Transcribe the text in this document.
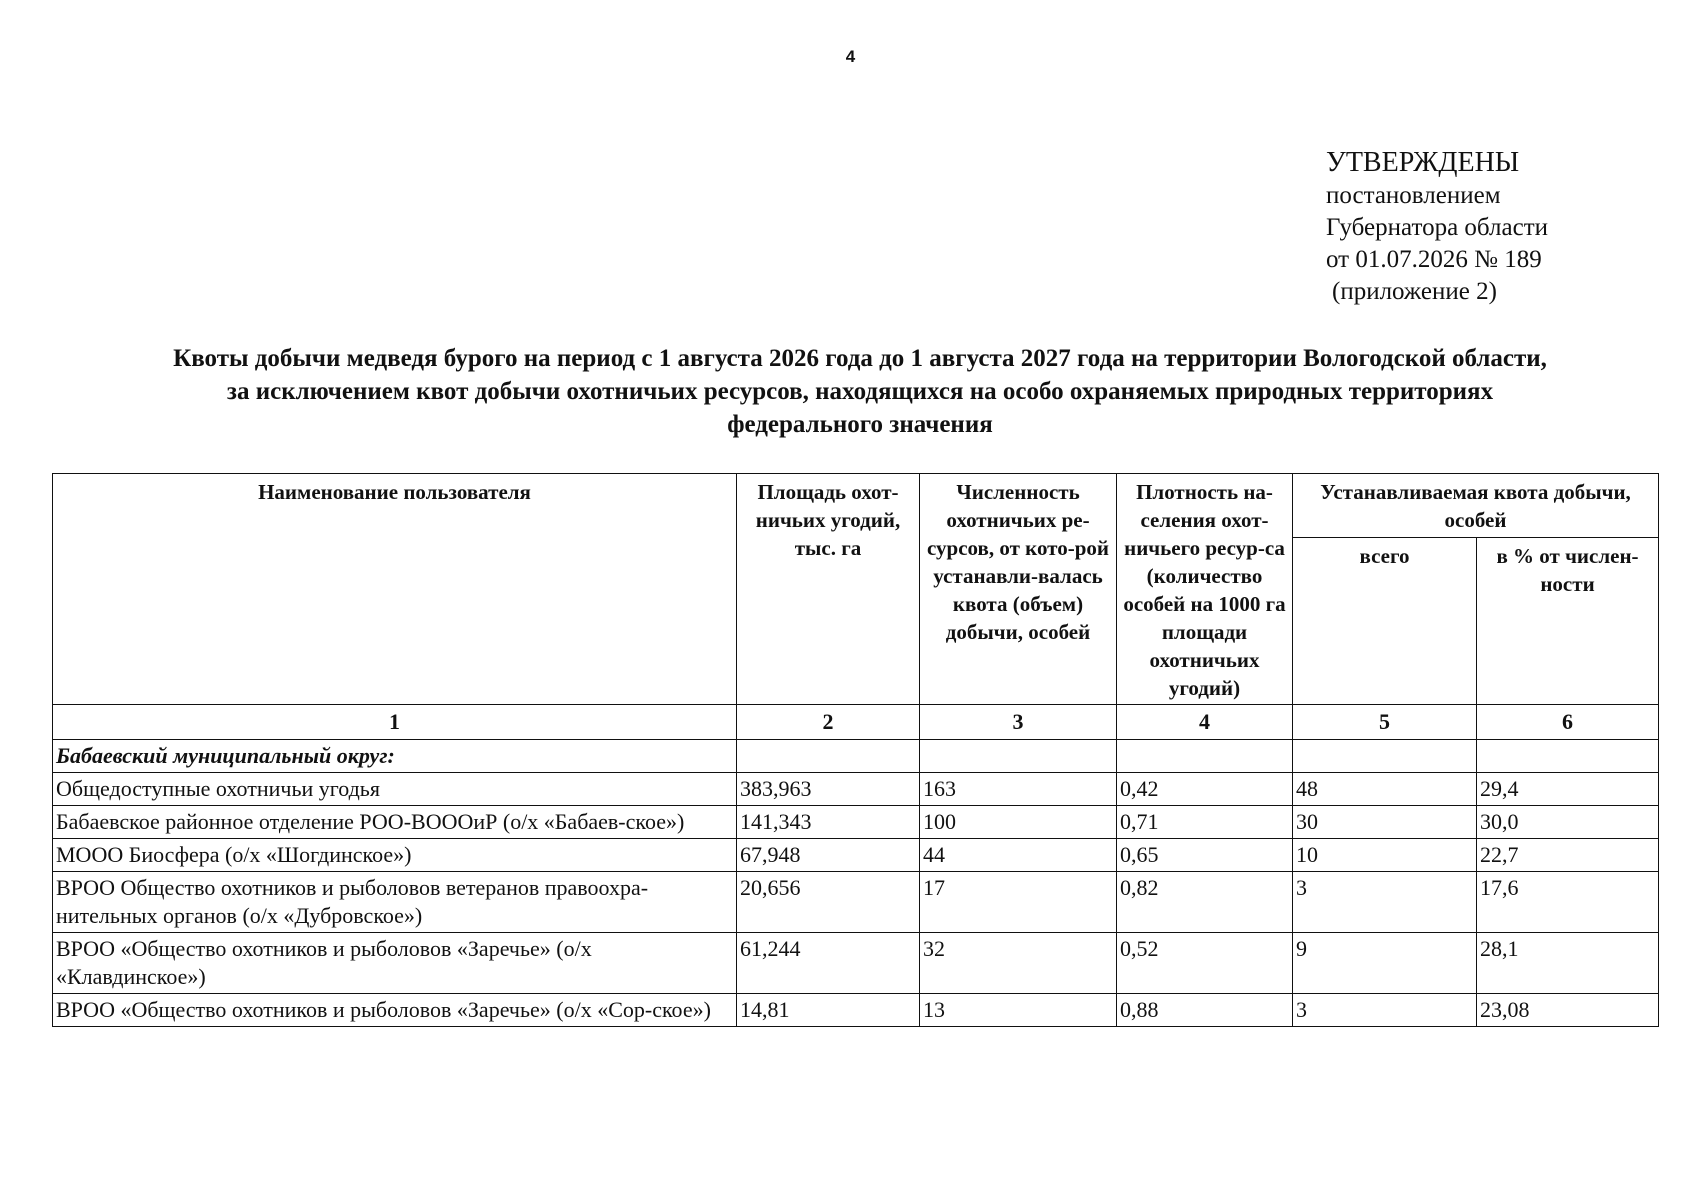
4
УТВЕРЖДЕНЫ
постановлением
Губернатора области
от 01.07.2026 № 189
(приложение 2)
Квоты добычи медведя бурого на период с 1 августа 2026 года до 1 августа 2027 года на территории Вологодской области,
за исключением квот добычи охотничьих ресурсов, находящихся на особо охраняемых природных территориях
федерального значения
Наименование пользователя	Площадь охот-ничьих угодий, тыс. га	Численность охотничьих ре-сурсов, от кото-рой устанавли-валась квота (объем) добычи, особей	Плотность на-селения охот-ничьего ресур-са (количество особей на 1000 га площади охотничьих угодий)	Устанавливаемая квота добычи, особей	
				всего	в % от числен-ности
1	2	3	4	5	6
Бабаевский муниципальный округ:					
Общедоступные охотничьи угодья	383,963	163	0,42	48	29,4
Бабаевское районное отделение РОО-ВОООиР (о/х «Бабаев-ское»)	141,343	100	0,71	30	30,0
МООО Биосфера (о/х «Шогдинское»)	67,948	44	0,65	10	22,7
ВРОО Общество охотников и рыболовов ветеранов правоохра-нительных органов (о/х «Дубровское»)	20,656	17	0,82	3	17,6
ВРОО «Общество охотников и рыболовов «Заречье» (о/х «Клавдинское»)	61,244	32	0,52	9	28,1
ВРОО «Общество охотников и рыболовов «Заречье» (о/х «Сор-ское»)	14,81	13	0,88	3	23,08
